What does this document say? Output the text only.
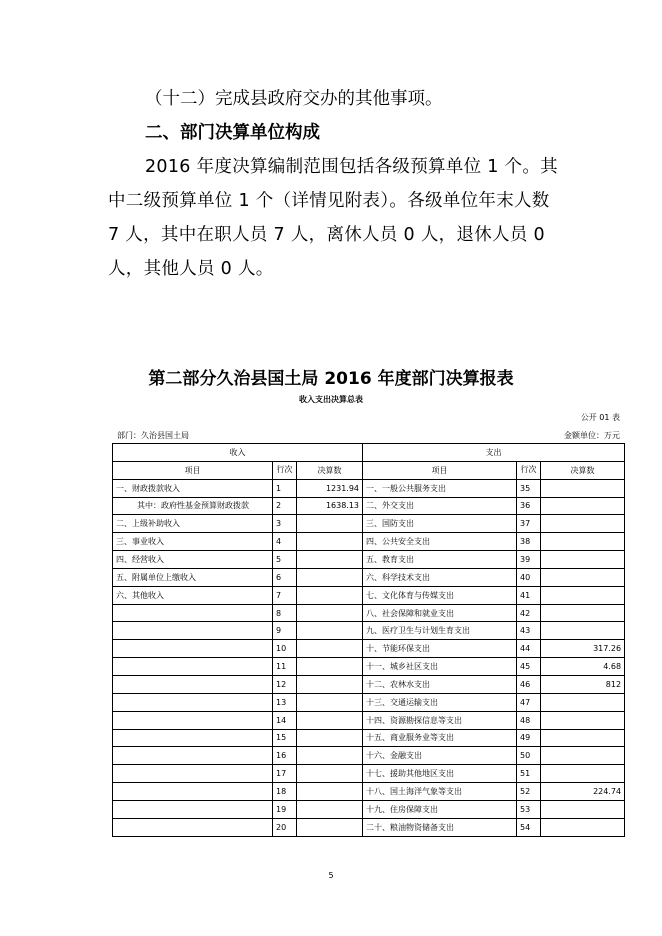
（十二）完成县政府交办的其他事项。

二、部门决算单位构成

2016 年度决算编制范围包括各级预算单位 1 个。其中二级预算单位 1 个（详情见附表）。各级单位年末人数 7 人，其中在职人员 7 人，离休人员 0 人，退休人员 0 人，其他人员 0 人。

第二部分久治县国土局 2016 年度部门决算报表

收入支出决算总表

公开 01 表
部门：久治县国土局	金额单位：万元
收入			支出		
项目	行次	决算数	项目	行次	决算数
一、财政拨款收入	1	1231.94	一、一般公共服务支出	35	
其中：政府性基金预算财政拨款	2	1638.13	二、外交支出	36	
二、上级补助收入	3		三、国防支出	37	
三、事业收入	4		四、公共安全支出	38	
四、经营收入	5		五、教育支出	39	
五、附属单位上缴收入	6		六、科学技术支出	40	
六、其他收入	7		七、文化体育与传媒支出	41	
	8		八、社会保障和就业支出	42	
	9		九、医疗卫生与计划生育支出	43	
	10		十、节能环保支出	44	317.26
	11		十一、城乡社区支出	45	4.68
	12		十二、农林水支出	46	812
	13		十三、交通运输支出	47	
	14		十四、资源勘探信息等支出	48	
	15		十五、商业服务业等支出	49	
	16		十六、金融支出	50	
	17		十七、援助其他地区支出	51	
	18		十八、国土海洋气象等支出	52	224.74
	19		十九、住房保障支出	53	
	20		二十、粮油物资储备支出	54	
5
